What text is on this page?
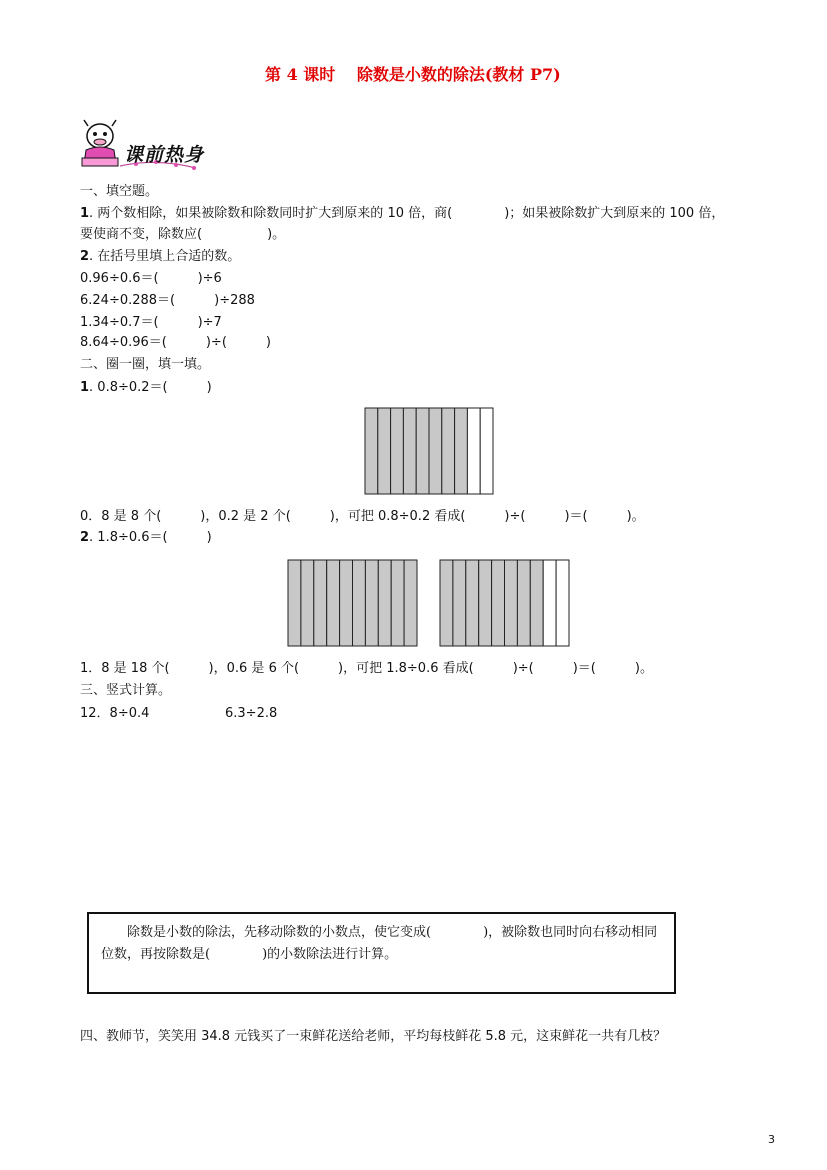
第 4 课时　 除数是小数的除法(教材 P7)
课前热身
一、填空题。
1. 两个数相除，如果被除数和除数同时扩大到原来的 10 倍，商(　　　　)；如果被除数扩大到原来的 100 倍，
要使商不变，除数应(　　　　　)。
2. 在括号里填上合适的数。
0.96÷0.6＝(　　　)÷6
6.24÷0.288＝(　　　)÷288
1.34÷0.7＝(　　　)÷7
8.64÷0.96＝(　　　)÷(　　　)
二、圈一圈，填一填。
1. 0.8÷0.2＝(　　　)
0．8 是 8 个(　　　)，0.2 是 2 个(　　　)，可把 0.8÷0.2 看成(　　　)÷(　　　)＝(　　　)。
2. 1.8÷0.6＝(　　　)
1．8 是 18 个(　　　)，0.6 是 6 个(　　　)，可把 1.8÷0.6 看成(　　　)÷(　　　)＝(　　　)。
三、竖式计算。
12．8÷0.4	6.3÷2.8
　　除数是小数的除法，先移动除数的小数点，使它变成(　　　　)，被除数也同时向右移动相同位数，再按除数是(　　　　)的小数除法进行计算。
四、教师节，笑笑用 34.8 元钱买了一束鲜花送给老师，平均每枝鲜花 5.8 元，这束鲜花一共有几枝？
3
